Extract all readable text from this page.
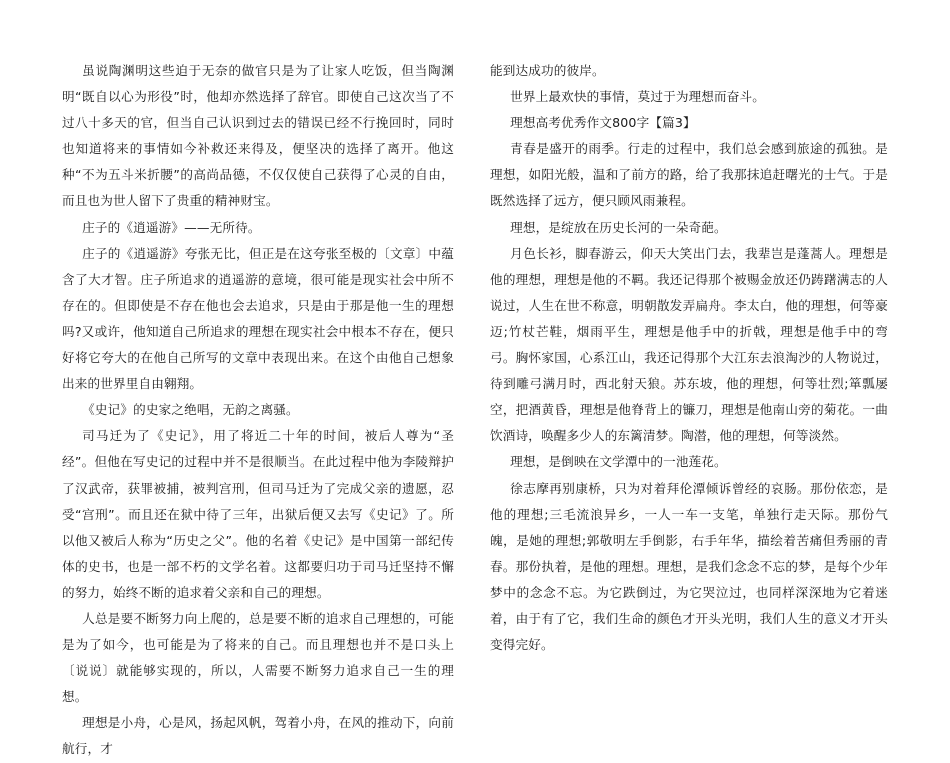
虽说陶渊明这些迫于无奈的做官只是为了让家人吃饭，但当陶渊明“既自以心为形役”时，他却亦然选择了辞官。即使自己这次当了不过八十多天的官，但当自己认识到过去的错误已经不行挽回时，同时也知道将来的事情如今补救还来得及，便坚决的选择了离开。他这种“不为五斗米折腰”的高尚品德，不仅仅使自己获得了心灵的自由，而且也为世人留下了贵重的精神财宝。

庄子的《逍遥游》——无所待。

庄子的《逍遥游》夸张无比，但正是在这夸张至极的〔文章〕中蕴含了大才智。庄子所追求的逍遥游的意境，很可能是现实社会中所不存在的。但即使是不存在他也会去追求，只是由于那是他一生的理想吗?又或许，他知道自己所追求的理想在现实社会中根本不存在，便只好将它夸大的在他自己所写的文章中表现出来。在这个由他自己想象出来的世界里自由翱翔。

《史记》的史家之绝唱，无韵之离骚。

司马迁为了《史记》，用了将近二十年的时间，被后人尊为“圣经”。但他在写史记的过程中并不是很顺当。在此过程中他为李陵辩护了汉武帝，获罪被捕，被判宫刑，但司马迁为了完成父亲的遗愿，忍受“宫刑”。而且还在狱中待了三年，出狱后便又去写《史记》了。所以他又被后人称为“历史之父”。他的名着《史记》是中国第一部纪传体的史书，也是一部不朽的文学名着。这都要归功于司马迁坚持不懈的努力，始终不断的追求着父亲和自己的理想。

人总是要不断努力向上爬的，总是要不断的追求自己理想的，可能是为了如今，也可能是为了将来的自己。而且理想也并不是口头上〔说说〕就能够实现的，所以，人需要不断努力追求自己一生的理想。

理想是小舟，心是风，扬起风帆，驾着小舟，在风的推动下，向前航行，才

能到达成功的彼岸。

世界上最欢快的事情，莫过于为理想而奋斗。

理想高考优秀作文800字【篇3】

青春是盛开的雨季。行走的过程中，我们总会感到旅途的孤独。是理想，如阳光般，温和了前方的路，给了我那抹追赶曙光的士气。于是既然选择了远方，便只顾风雨兼程。

理想，是绽放在历史长河的一朵奇葩。

月色长衫，脚春游云，仰天大笑出门去，我辈岂是蓬蒿人。理想是他的理想，理想是他的不羁。我还记得那个被赐金放还仍踌躇满志的人说过，人生在世不称意，明朝散发弄扁舟。李太白，他的理想，何等豪迈;竹杖芒鞋，烟雨平生，理想是他手中的折戟，理想是他手中的弯弓。胸怀家国，心系江山，我还记得那个大江东去浪淘沙的人物说过，待到雕弓满月时，西北射天狼。苏东坡，他的理想，何等壮烈;箪瓢屡空，把酒黄昏，理想是他脊背上的镰刀，理想是他南山旁的菊花。一曲饮酒诗，唤醒多少人的东篱清梦。陶潜，他的理想，何等淡然。

理想，是倒映在文学潭中的一池莲花。

徐志摩再别康桥，只为对着拜伦潭倾诉曾经的哀肠。那份依恋，是他的理想;三毛流浪异乡，一人一车一支笔，单独行走天际。那份气魄，是她的理想;郭敬明左手倒影，右手年华，描绘着苦痛但秀丽的青春。那份执着，是他的理想。理想，是我们念念不忘的梦，是每个少年梦中的念念不忘。为它跌倒过，为它哭泣过，也同样深深地为它着迷着，由于有了它，我们生命的颜色才开头光明，我们人生的意义才开头变得完好。
